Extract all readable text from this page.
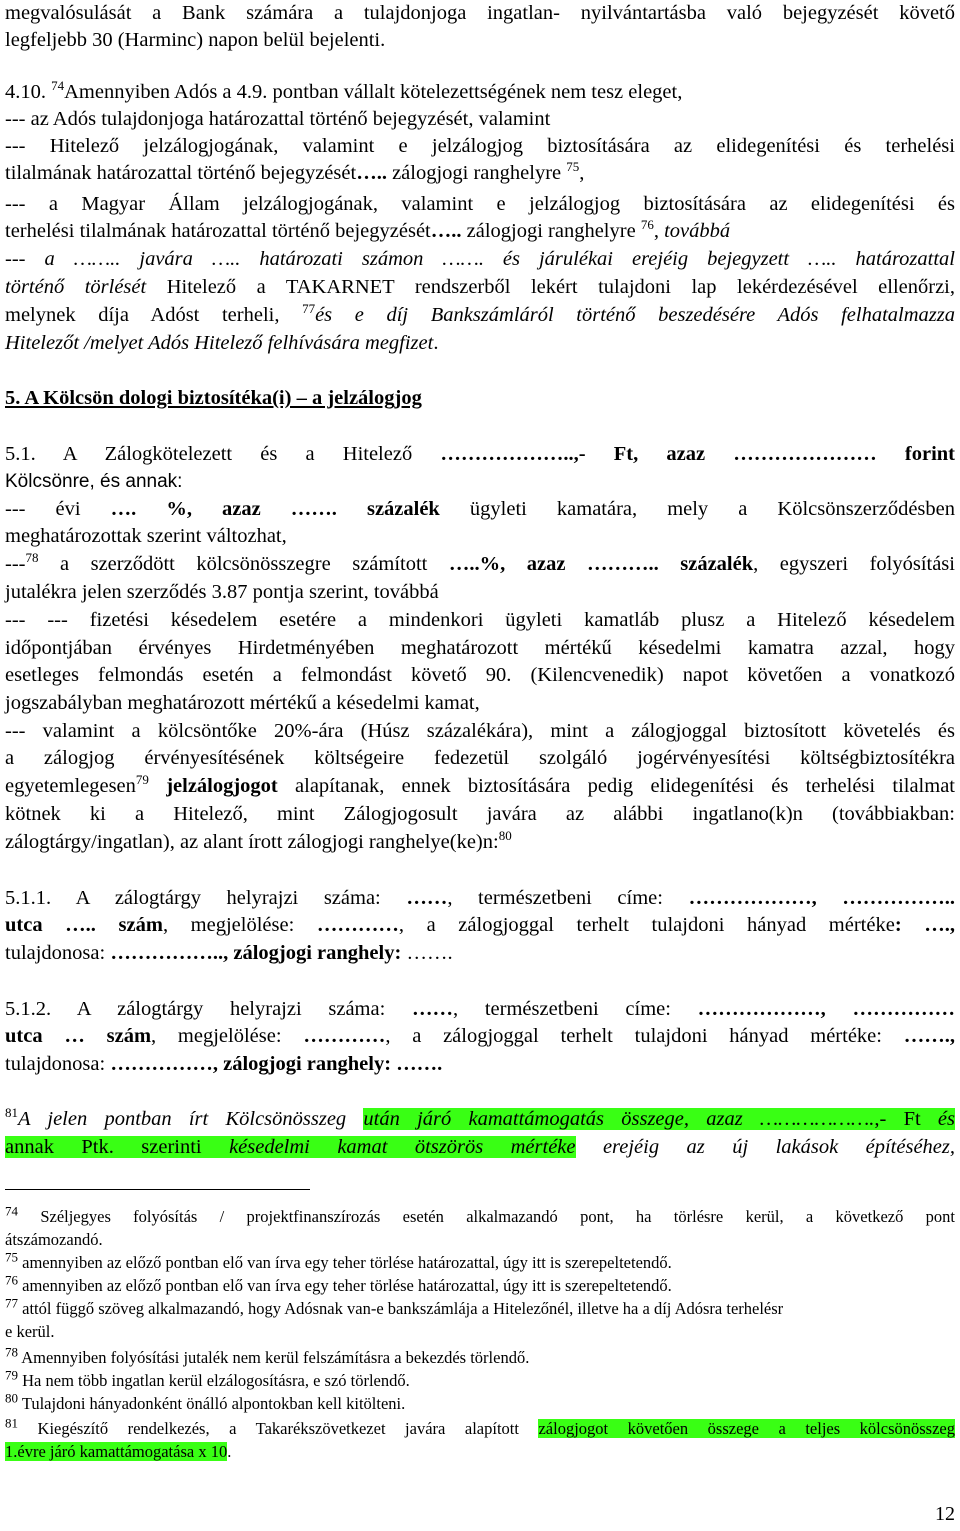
megvalósulását a Bank számára a tulajdonjoga ingatlan- nyilvántartásba való bejegyzését követő
legfeljebb 30 (Harminc) napon belül bejelenti.
4.10. $^{74}$Amennyiben Adós a 4.9. pontban vállalt kötelezettségének nem tesz eleget,
--- az Adós tulajdonjoga határozattal történő bejegyzését, valamint
--- Hitelező jelzálogjogának, valamint e jelzálogjog biztosítására az elidegenítési és terhelési
tilalmának határozattal történő bejegyzését….. zálogjogi ranghelyre $^{75}$,
--- a Magyar Állam jelzálogjogának, valamint e jelzálogjog biztosítására az elidegenítési és
terhelési tilalmának határozattal történő bejegyzését….. zálogjogi ranghelyre $^{76}$, továbbá
--- a …….. javára ….. határozati számon ……. és járulékai erejéig bejegyzett ….. határozattal
történő törlését Hitelező a TAKARNET rendszerből lekért tulajdoni lap lekérdezésével ellenőrzi,
melynek díja Adóst terheli, $^{77}$és e díj Bankszámláról történő beszedésére Adós felhatalmazza
Hitelezőt /melyet Adós Hitelező felhívására megfizet.
5. A Kölcsön dologi biztosítéka(i) – a jelzálogjog
5.1. A Zálogkötelezett és a Hitelező ………………..,- Ft, azaz ………………… forint
Kölcsönre, és annak:
--- évi …. %, azaz ……. százalék ügyleti kamatára, mely a Kölcsönszerződésben
meghatározottak szerint változhat,
---$^{78}$ a szerződött kölcsönösszegre számított …..%, azaz ……….. százalék, egyszeri folyósítási
jutalékra jelen szerződés 3.87 pontja szerint, továbbá
--- --- fizetési késedelem esetére a mindenkori ügyleti kamatláb plusz a Hitelező késedelem
időpontjában érvényes Hirdetményében meghatározott mértékű késedelmi kamatra azzal, hogy
esetleges felmondás esetén a felmondást követő 90. (Kilencvenedik) napot követően a vonatkozó
jogszabályban meghatározott mértékű a késedelmi kamat,
--- valamint a kölcsöntőke 20%-ára (Húsz százalékára), mint a zálogjoggal biztosított követelés és
a zálogjog érvényesítésének költségeire fedezetül szolgáló jogérvényesítési költségbiztosítékra
egyetemlegesen$^{79}$ jelzálogjogot alapítanak, ennek biztosítására pedig elidegenítési és terhelési tilalmat
kötnek ki a Hitelező, mint Zálogjogosult javára az alábbi ingatlano(k)n (továbbiakban:
zálogtárgy/ingatlan), az alant írott zálogjogi ranghelye(ke)n:$^{80}$
5.1.1. A zálogtárgy helyrajzi száma: ……, természetbeni címe: ………………, ……………..
utca ….. szám, megjelölése: …………, a zálogjoggal terhelt tulajdoni hányad mértéke: ….,
tulajdonosa: …………….., zálogjogi ranghely: …….
5.1.2. A zálogtárgy helyrajzi száma: ……, természetbeni címe: ………………, ……………
utca … szám, megjelölése: …………, a zálogjoggal terhelt tulajdoni hányad mértéke: …….,
tulajdonosa: ……………, zálogjogi ranghely: …….
$^{81}$A jelen pontban írt Kölcsönösszeg után járó kamattámogatás összege, azaz ……………….,- Ft és
annak Ptk. szerinti késedelmi kamat ötszörös mértéke erejéig az új lakások építéséhez,
$^{74}$ Széljegyes folyósítás / projektfinanszírozás esetén alkalmazandó pont, ha törlésre kerül, a következő pont
átszámozandó.
$^{75}$ amennyiben az előző pontban elő van írva egy teher törlése határozattal, úgy itt is szerepeltetendő.
$^{76}$ amennyiben az előző pontban elő van írva egy teher törlése határozattal, úgy itt is szerepeltetendő.
$^{77}$ attól függő szöveg alkalmazandó, hogy Adósnak van-e bankszámlája a Hitelezőnél, illetve ha a díj Adósra terhelésr
e kerül.
$^{78}$ Amennyiben folyósítási jutalék nem kerül felszámításra a bekezdés törlendő.
$^{79}$ Ha nem több ingatlan kerül elzálogosításra, e szó törlendő.
$^{80}$ Tulajdoni hányadonként önálló alpontokban kell kitölteni.
$^{81}$ Kiegészítő rendelkezés, a Takarékszövetkezet javára alapított zálogjogot követően összege a teljes kölcsönösszeg
1.évre járó kamattámogatása x 10.
12
